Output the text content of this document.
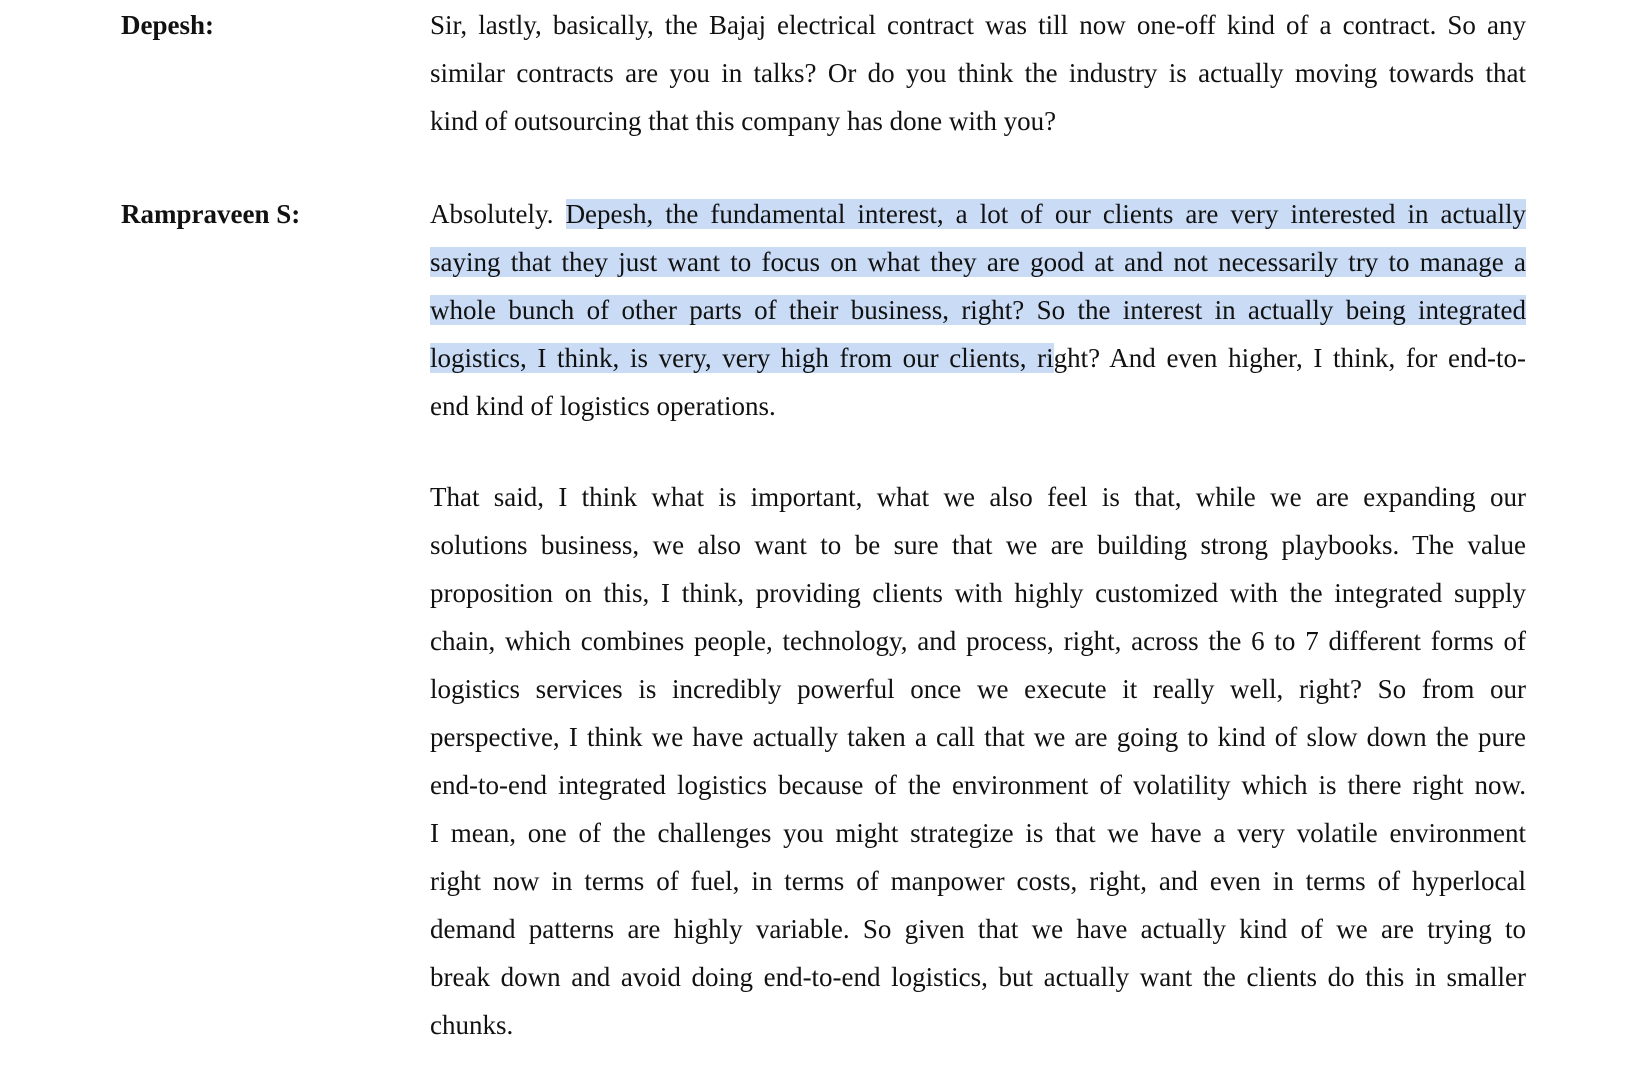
Depesh:	Sir, lastly, basically, the Bajaj electrical contract was till now one-off kind of a contract. So any
similar contracts are you in talks? Or do you think the industry is actually moving towards that
kind of outsourcing that this company has done with you?
Rampraveen S:	Absolutely. Depesh, the fundamental interest, a lot of our clients are very interested in actually
saying that they just want to focus on what they are good at and not necessarily try to manage a
whole bunch of other parts of their business, right? So the interest in actually being integrated
logistics, I think, is very, very high from our clients, right? And even higher, I think, for end-to-
end kind of logistics operations.
That said, I think what is important, what we also feel is that, while we are expanding our
solutions business, we also want to be sure that we are building strong playbooks. The value
proposition on this, I think, providing clients with highly customized with the integrated supply
chain, which combines people, technology, and process, right, across the 6 to 7 different forms of
logistics services is incredibly powerful once we execute it really well, right? So from our
perspective, I think we have actually taken a call that we are going to kind of slow down the pure
end-to-end integrated logistics because of the environment of volatility which is there right now.
I mean, one of the challenges you might strategize is that we have a very volatile environment
right now in terms of fuel, in terms of manpower costs, right, and even in terms of hyperlocal
demand patterns are highly variable. So given that we have actually kind of we are trying to
break down and avoid doing end-to-end logistics, but actually want the clients do this in smaller
chunks.
